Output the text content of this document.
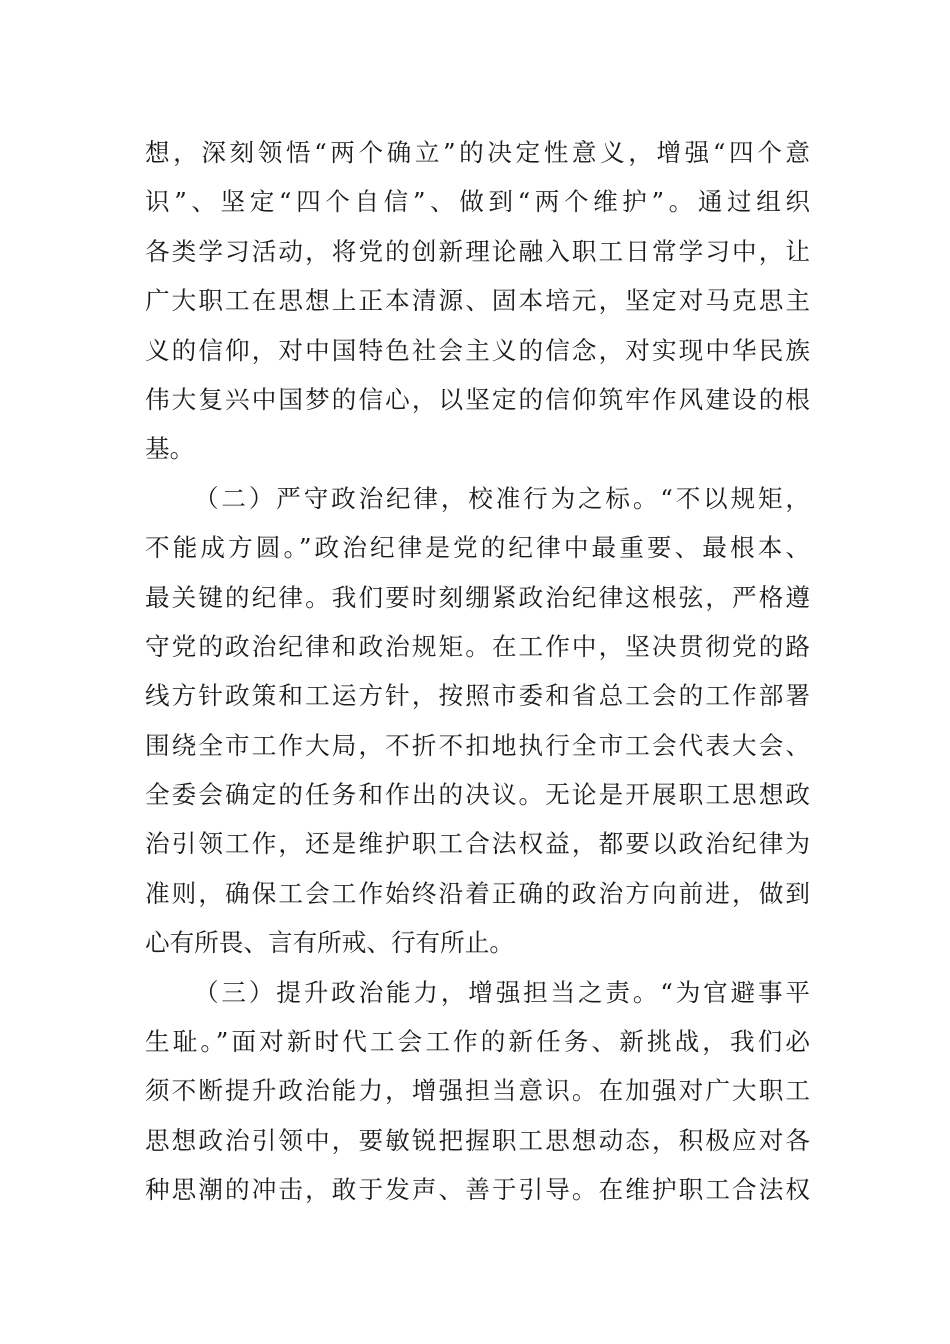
想，深刻领悟“两个确立”的决定性意义，增强“四个意
识”、坚定“四个自信”、做到“两个维护”。通过组织
各类学习活动，将党的创新理论融入职工日常学习中，让
广大职工在思想上正本清源、固本培元，坚定对马克思主
义的信仰，对中国特色社会主义的信念，对实现中华民族
伟大复兴中国梦的信心，以坚定的信仰筑牢作风建设的根
基。
（二）严守政治纪律，校准行为之标。“不以规矩，
不能成方圆。”政治纪律是党的纪律中最重要、最根本、
最关键的纪律。我们要时刻绷紧政治纪律这根弦，严格遵
守党的政治纪律和政治规矩。在工作中，坚决贯彻党的路
线方针政策和工运方针，按照市委和省总工会的工作部署
围绕全市工作大局，不折不扣地执行全市工会代表大会、
全委会确定的任务和作出的决议。无论是开展职工思想政
治引领工作，还是维护职工合法权益，都要以政治纪律为
准则，确保工会工作始终沿着正确的政治方向前进，做到
心有所畏、言有所戒、行有所止。
（三）提升政治能力，增强担当之责。“为官避事平
生耻。”面对新时代工会工作的新任务、新挑战，我们必
须不断提升政治能力，增强担当意识。在加强对广大职工
思想政治引领中，要敏锐把握职工思想动态，积极应对各
种思潮的冲击，敢于发声、善于引导。在维护职工合法权
